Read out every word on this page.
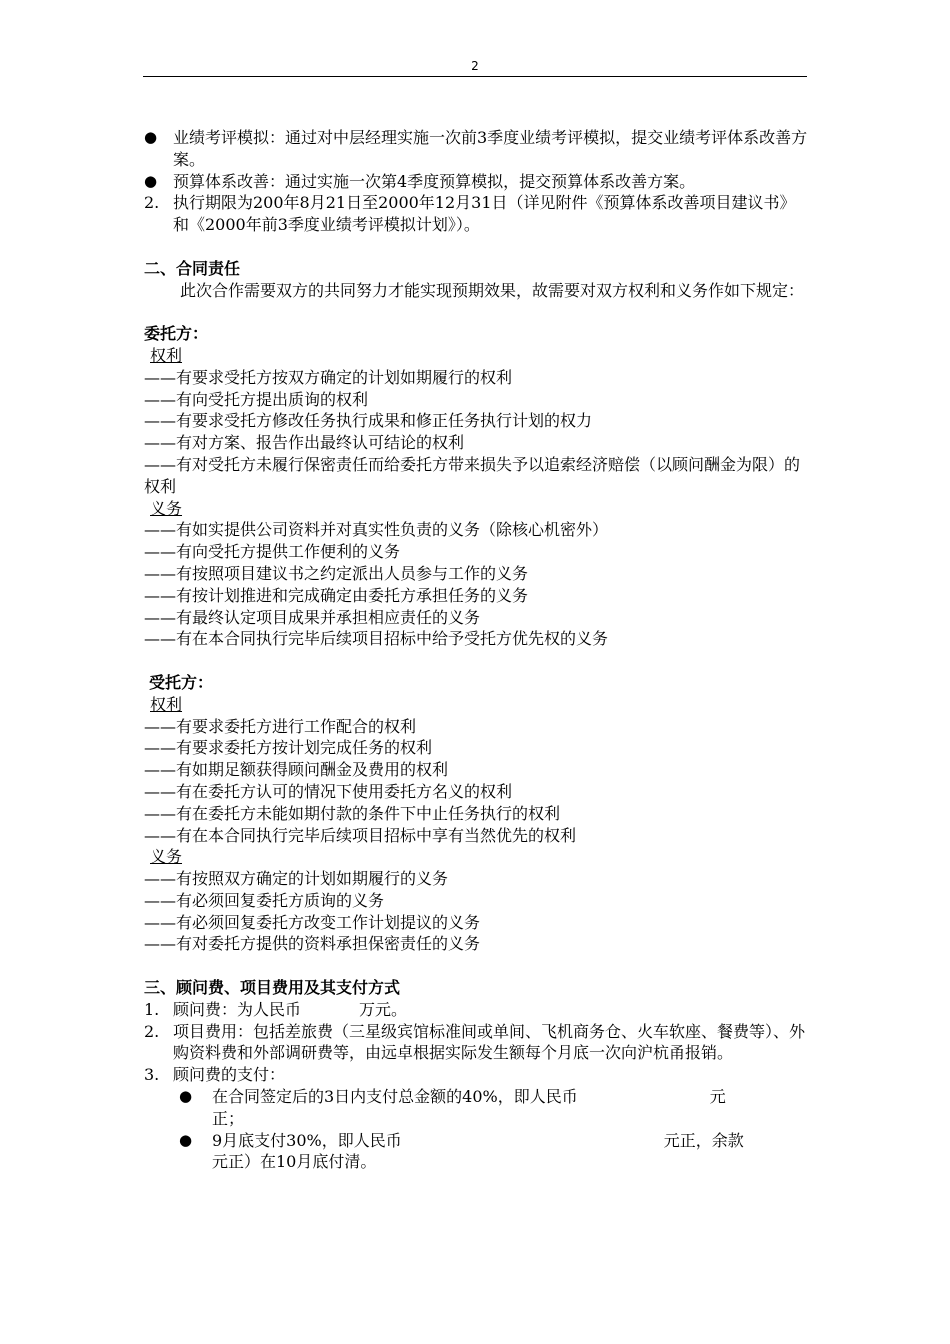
2
● 业绩考评模拟：通过对中层经理实施一次前3季度业绩考评模拟，提交业绩考评体系改善方案。
● 预算体系改善：通过实施一次第4季度预算模拟，提交预算体系改善方案。
2. 执行期限为200年8月21日至2000年12月31日（详见附件《预算体系改善项目建议书》和《2000年前3季度业绩考评模拟计划》）。
二、合同责任
此次合作需要双方的共同努力才能实现预期效果，故需要对双方权利和义务作如下规定：
委托方：
权利
——有要求受托方按双方确定的计划如期履行的权利
——有向受托方提出质询的权利
——有要求受托方修改任务执行成果和修正任务执行计划的权力
——有对方案、报告作出最终认可结论的权利
——有对受托方未履行保密责任而给委托方带来损失予以追索经济赔偿（以顾问酬金为限）的权利
义务
——有如实提供公司资料并对真实性负责的义务（除核心机密外）
——有向受托方提供工作便利的义务
——有按照项目建议书之约定派出人员参与工作的义务
——有按计划推进和完成确定由委托方承担任务的义务
——有最终认定项目成果并承担相应责任的义务
——有在本合同执行完毕后续项目招标中给予受托方优先权的义务
受托方：
权利
——有要求委托方进行工作配合的权利
——有要求委托方按计划完成任务的权利
——有如期足额获得顾问酬金及费用的权利
——有在委托方认可的情况下使用委托方名义的权利
——有在委托方未能如期付款的条件下中止任务执行的权利
——有在本合同执行完毕后续项目招标中享有当然优先的权利
义务
——有按照双方确定的计划如期履行的义务
——有必须回复委托方质询的义务
——有必须回复委托方改变工作计划提议的义务
——有对委托方提供的资料承担保密责任的义务
三、顾问费、项目费用及其支付方式
1. 顾问费：为人民币	万元。
2. 项目费用：包括差旅费（三星级宾馆标准间或单间、飞机商务仓、火车软座、餐费等）、外购资料费和外部调研费等，由远卓根据实际发生额每个月底一次向沪杭甬报销。
3. 顾问费的支付：
● 在合同签定后的3日内支付总金额的40%，即人民币	元
正；
● 9月底支付30%，即人民币	元正，余款
元正）在10月底付清。
